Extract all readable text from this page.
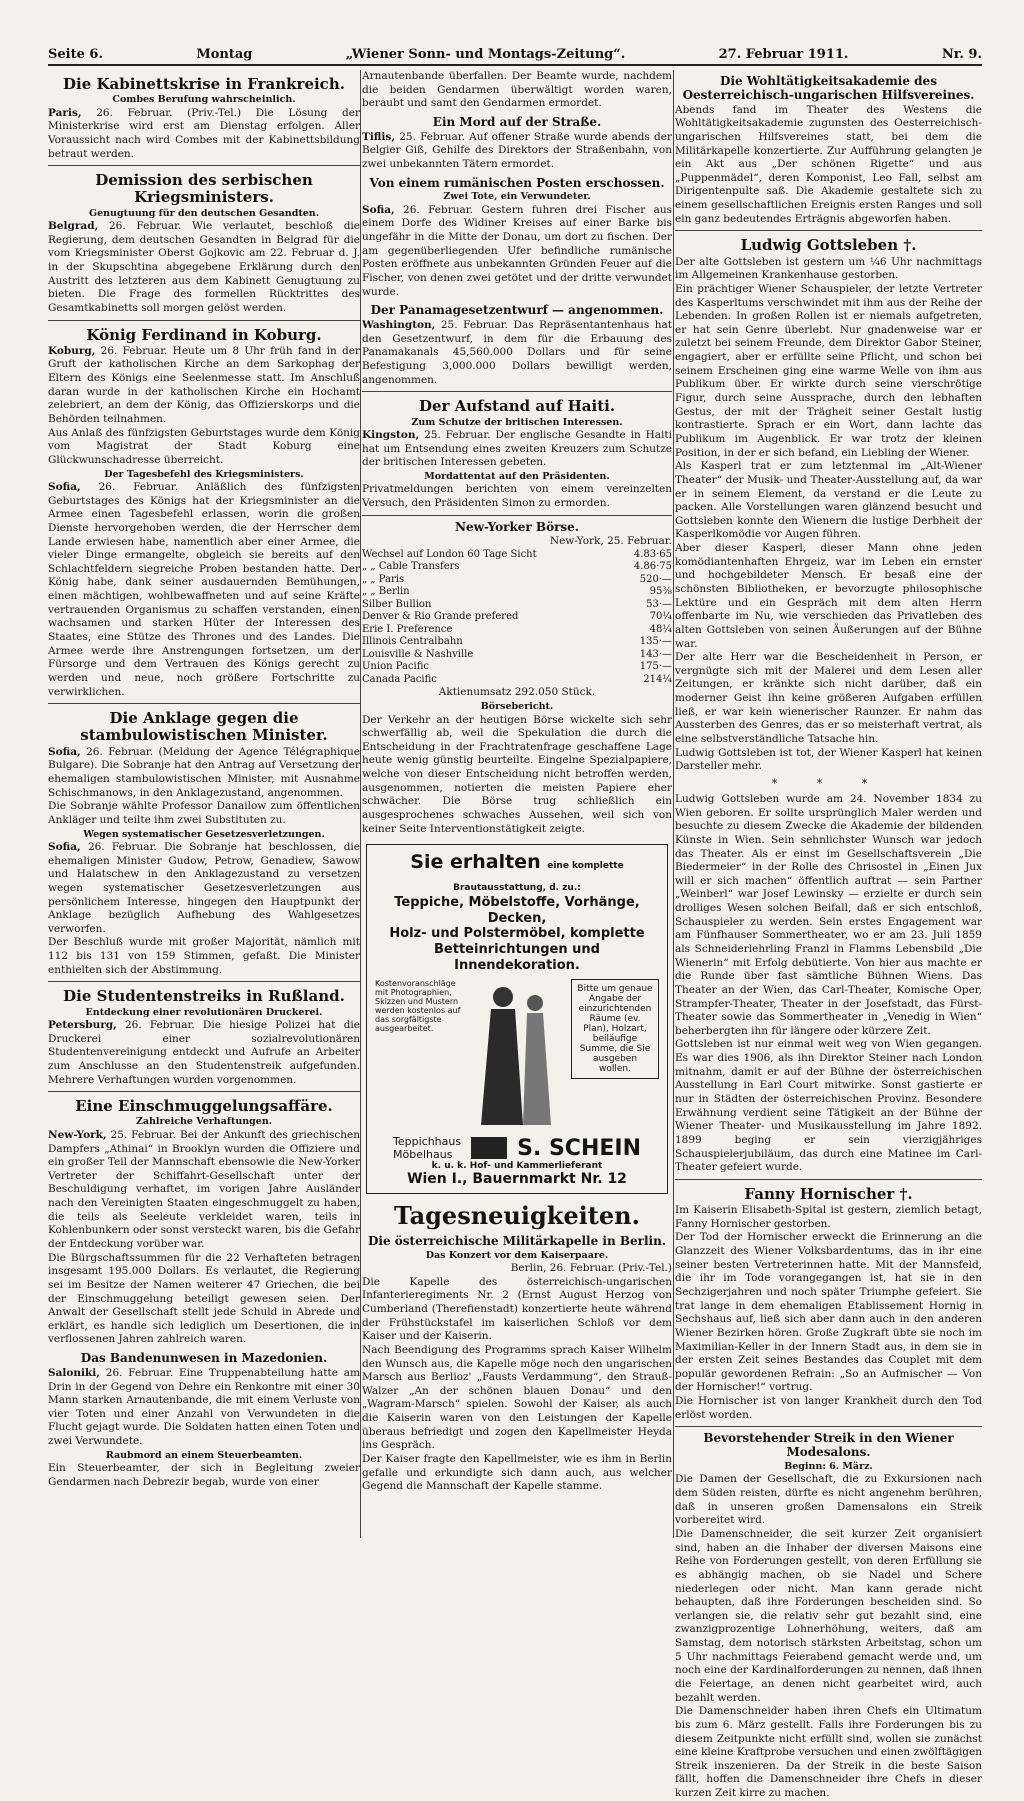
Seite 6.	Montag	„Wiener Sonn- und Montags-Zeitung“.	27. Februar 1911.	Nr. 9.
Die Kabinettskrise in Frankreich.
Combes Berufung wahrscheinlich.

Paris, 26. Februar. (Priv.-Tel.) Die Lösung der Ministerkrise wird erst am Dienstag erfolgen. Aller Voraussicht nach wird Combes mit der Kabinettsbildung betraut werden.

Demission des serbischen Kriegsministers.
Genugtuung für den deutschen Gesandten.

Belgrad, 26. Februar. Wie verlautet, beschloß die Regierung, dem deutschen Gesandten in Belgrad für die vom Kriegsminister Oberst Gojkovic am 22. Februar d. J. in der Skupschtina abgegebene Erklärung durch den Austritt des letzteren aus dem Kabinett Genugtuung zu bieten. Die Frage des formellen Rücktrittes des Gesamtkabinetts soll morgen gelöst werden.

König Ferdinand in Koburg.

Koburg, 26. Februar. Heute um 8 Uhr früh fand in der Gruft der katholischen Kirche an dem Sarkophag der Eltern des Königs eine Seelenmesse statt. Im Anschluß daran wurde in der katholischen Kirche ein Hochamt zelebriert, an dem der König, das Offizierskorps und die Behörden teilnahmen.

Aus Anlaß des fünfzigsten Geburtstages wurde dem König vom Magistrat der Stadt Koburg eine Glückwunschadresse überreicht.

Der Tagesbefehl des Kriegsministers.

Sofia, 26. Februar. Anläßlich des fünfzigsten Geburtstages des Königs hat der Kriegsminister an die Armee einen Tagesbefehl erlassen, worin die großen Dienste hervorgehoben werden, die der Herrscher dem Lande erwiesen habe, namentlich aber einer Armee, die vieler Dinge ermangelte, obgleich sie bereits auf den Schlachtfeldern siegreiche Proben bestanden hatte. Der König habe, dank seiner ausdauernden Bemühungen, einen mächtigen, wohlbewaffneten und auf seine Kräfte vertrauenden Organismus zu schaffen verstanden, einen wachsamen und starken Hüter der Interessen des Staates, eine Stütze des Thrones und des Landes. Die Armee werde ihre Anstrengungen fortsetzen, um der Fürsorge und dem Vertrauen des Königs gerecht zu werden und neue, noch größere Fortschritte zu verwirklichen.

Die Anklage gegen die stambulowistischen Minister.

Sofia, 26. Februar. (Meldung der Agence Télégraphique Bulgare). Die Sobranje hat den Antrag auf Versetzung der ehemaligen stambulowistischen Minister, mit Ausnahme Schischmanows, in den Anklagezustand, angenommen.

Die Sobranje wählte Professor Danailow zum öffentlichen Ankläger und teilte ihm zwei Substituten zu.

Wegen systematischer Gesetzesverletzungen.

Sofia, 26. Februar. Die Sobranje hat beschlossen, die ehemaligen Minister Gudow, Petrow, Genadiew, Sawow und Halatschew in den Anklagezustand zu versetzen wegen systematischer Gesetzesverletzungen aus persönlichem Interesse, hingegen den Hauptpunkt der Anklage bezüglich Aufhebung des Wahlgesetzes verworfen.

Der Beschluß wurde mit großer Majorität, nämlich mit 112 bis 131 von 159 Stimmen, gefaßt. Die Minister enthielten sich der Abstimmung.

Die Studentenstreiks in Rußland.
Entdeckung einer revolutionären Druckerei.

Petersburg, 26. Februar. Die hiesige Polizei hat die Druckerei einer sozialrevolutionären Studentenvereinigung entdeckt und Aufrufe an Arbeiter zum Anschlusse an den Studentenstreik aufgefunden. Mehrere Verhaftungen wurden vorgenommen.

Eine Einschmuggelungsaffäre.
Zahlreiche Verhaftungen.

New-York, 25. Februar. Bei der Ankunft des griechischen Dampfers „Athinai“ in Brooklyn wurden die Offiziere und ein großer Teil der Mannschaft ebensowie die New-Yorker Vertreter der Schiffahrt-Gesellschaft unter der Beschuldigung verhaftet, im vorigen Jahre Ausländer nach den Vereinigten Staaten eingeschmuggelt zu haben, die teils als Seeleute verkleidet waren, teils in Kohlenbunkern oder sonst versteckt waren, bis die Gefahr der Entdeckung vorüber war.

Die Bürgschaftssummen für die 22 Verhafteten betragen insgesamt 195.000 Dollars. Es verlautet, die Regierung sei im Besitze der Namen weiterer 47 Griechen, die bei der Einschmuggelung beteiligt gewesen seien. Der Anwalt der Gesellschaft stellt jede Schuld in Abrede und erklärt, es handle sich lediglich um Desertionen, die in verflossenen Jahren zahlreich waren.

Das Bandenunwesen in Mazedonien.

Saloniki, 26. Februar. Eine Truppenabteilung hatte am Drin in der Gegend von Dehre ein Renkontre mit einer 30 Mann starken Arnautenbande, die mit einem Verluste von vier Toten und einer Anzahl von Verwundeten in die Flucht gejagt wurde. Die Soldaten hatten einen Toten und zwei Verwundete.

Raubmord an einem Steuerbeamten.

Ein Steuerbeamter, der sich in Begleitung zweier Gendarmen nach Debrezir begab, wurde von einer

Arnautenbande überfallen. Der Beamte wurde, nachdem die beiden Gendarmen überwältigt worden waren, beraubt und samt den Gendarmen ermordet.

Ein Mord auf der Straße.

Tiflis, 25. Februar. Auf offener Straße wurde abends der Belgier Giß, Gehilfe des Direktors der Straßenbahn, von zwei unbekannten Tätern ermordet.

Von einem rumänischen Posten erschossen.
Zwei Tote, ein Verwundeter.

Sofia, 26. Februar. Gestern fuhren drei Fischer aus einem Dorfe des Widiner Kreises auf einer Barke bis ungefähr in die Mitte der Donau, um dort zu fischen. Der am gegenüberliegenden Ufer befindliche rumänische Posten eröffnete aus unbekannten Gründen Feuer auf die Fischer, von denen zwei getötet und der dritte verwundet wurde.

Der Panamagesetzentwurf — angenommen.

Washington, 25. Februar. Das Repräsentantenhaus hat den Gesetzentwurf, in dem für die Erbauung des Panamakanals 45,560.000 Dollars und für seine Befestigung 3,000.000 Dollars bewilligt werden, angenommen.

Der Aufstand auf Haiti.
Zum Schutze der britischen Interessen.

Kingston, 25. Februar. Der englische Gesandte in Haiti hat um Entsendung eines zweiten Kreuzers zum Schutze der britischen Interessen gebeten.

Mordattentat auf den Präsidenten.

Privatmeldungen berichten von einem vereinzelten Versuch, den Präsidenten Simon zu ermorden.

New-Yorker Börse.
New-York, 25. Februar.
Wechsel auf London 60 Tage Sicht	4.83·65
„ „ Cable Transfers	4.86·75
„ „ Paris	520·—
„ „ Berlin	95⅜
Silber Bullion	53·—
Denver & Rio Grande prefered	70¼
Erie I. Preference	48¼
Illinois Centralbahn	135·—
Louisville & Nashville	143·—
Union Pacific	175·—
Canada Pacific	214¼
Aktienumsatz 292.050 Stück.
Börsebericht.

Der Verkehr an der heutigen Börse wickelte sich sehr schwerfällig ab, weil die Spekulation die durch die Entscheidung in der Frachtratenfrage geschaffene Lage heute wenig günstig beurteilte. Eingelne Spezialpapiere, welche von dieser Entscheidung nicht betroffen werden, ausgenommen, notierten die meisten Papiere eher schwächer. Die Börse trug schließlich ein ausgesprochenes schwaches Aussehen, weil sich von keiner Seite Interventionstätigkeit zeigte.

Sie erhalten eine komplette Brautausstattung, d. zu.:
Teppiche, Möbelstoffe, Vorhänge, Decken,
Holz- und Polstermöbel, komplette Betteinrichtungen und Innendekoration.
Kostenvoranschläge mit Photographien, Skizzen und Mustern werden kostenlos auf das sorgfältigste ausgearbeitet.
Bitte um genaue Angabe der einzurichtenden Räume (ev. Plan), Holzart, beiläufige Summe, die Sie ausgeben wollen.
Teppichhaus
Möbelhaus	S. SCHEIN
k. u. k. Hof- und Kammerlieferant
Wien I., Bauernmarkt Nr. 12
Tagesneuigkeiten.
Die österreichische Militärkapelle in Berlin.
Das Konzert vor dem Kaiserpaare.
Berlin, 26. Februar. (Priv.-Tel.)

Die Kapelle des österreichisch-ungarischen Infanterieregiments Nr. 2 (Ernst August Herzog von Cumberland (Therefienstadt) konzertierte heute während der Frühstückstafel im kaiserlichen Schloß vor dem Kaiser und der Kaiserin.

Nach Beendigung des Programms sprach Kaiser Wilhelm den Wunsch aus, die Kapelle möge noch den ungarischen Marsch aus Berlioz' „Fausts Verdammung“, den Strauß-Walzer „An der schönen blauen Donau“ und den „Wagram-Marsch“ spielen. Sowohl der Kaiser, als auch die Kaiserin waren von den Leistungen der Kapelle überaus befriedigt und zogen den Kapellmeister Heyda ins Gespräch.

Der Kaiser fragte den Kapellmeister, wie es ihm in Berlin gefalle und erkundigte sich dann auch, aus welcher Gegend die Mannschaft der Kapelle stamme.

Die Wohltätigkeitsakademie des Oesterreichisch-ungarischen Hilfsvereines.

Abends fand im Theater des Westens die Wohltätigkeitsakademie zugunsten des Oesterreichisch-ungarischen Hilfsvereines statt, bei dem die Militärkapelle konzertierte. Zur Aufführung gelangten je ein Akt aus „Der schönen Rigette“ und aus „Puppenmädel“, deren Komponist, Leo Fall, selbst am Dirigentenpulte saß. Die Akademie gestaltete sich zu einem gesellschaftlichen Ereignis ersten Ranges und soll ein ganz bedeutendes Erträgnis abgeworfen haben.

Ludwig Gottsleben †.

Der alte Gottsleben ist gestern um ¼6 Uhr nachmittags im Allgemeinen Krankenhause gestorben.

Ein prächtiger Wiener Schauspieler, der letzte Vertreter des Kasperltums verschwindet mit ihm aus der Reihe der Lebenden. In großen Rollen ist er niemals aufgetreten, er hat sein Genre überlebt. Nur gnadenweise war er zuletzt bei seinem Freunde, dem Direktor Gabor Steiner, engagiert, aber er erfüllte seine Pflicht, und schon bei seinem Erscheinen ging eine warme Welle von ihm aus Publikum über. Er wirkte durch seine vierschrötige Figur, durch seine Aussprache, durch den lebhaften Gestus, der mit der Trägheit seiner Gestalt lustig kontrastierte. Sprach er ein Wort, dann lachte das Publikum im Augenblick. Er war trotz der kleinen Position, in der er sich befand, ein Liebling der Wiener.

Als Kasperl trat er zum letztenmal im „Alt-Wiener Theater“ der Musik- und Theater-Ausstellung auf, da war er in seinem Element, da verstand er die Leute zu packen. Alle Vorstellungen waren glänzend besucht und Gottsleben konnte den Wienern die lustige Derbheit der Kasperlkomödie vor Augen führen.

Aber dieser Kasperl, dieser Mann ohne jeden komödiantenhaften Ehrgeiz, war im Leben ein ernster und hochgebildeter Mensch. Er besaß eine der schönsten Bibliotheken, er bevorzugte philosophische Lektüre und ein Gespräch mit dem alten Herrn offenbarte im Nu, wie verschieden das Privatleben des alten Gottsleben von seinen Äußerungen auf der Bühne war.

Der alte Herr war die Bescheidenheit in Person, er vergnügte sich mit der Malerei und dem Lesen aller Zeitungen, er kränkte sich nicht darüber, daß ein moderner Geist ihn keine größeren Aufgaben erfüllen ließ, er war kein wienerischer Raunzer. Er nahm das Aussterben des Genres, das er so meisterhaft vertrat, als eine selbstverständliche Tatsache hin.

Ludwig Gottsleben ist tot, der Wiener Kasperl hat keinen Darsteller mehr.

* * *

Ludwig Gottsleben wurde am 24. November 1834 zu Wien geboren. Er sollte ursprünglich Maler werden und besuchte zu diesem Zwecke die Akademie der bildenden Künste in Wien. Sein sehnlichster Wunsch war jedoch das Theater. Als er einst im Gesellschaftsverein „Die Biedermeier“ in der Rolle des Chrisostel in „Einen Jux will er sich machen“ öffentlich auftrat — sein Partner „Weinberl“ war Josef Lewinsky — erzielte er durch sein drolliges Wesen solchen Beifall, daß er sich entschloß, Schauspieler zu werden. Sein erstes Engagement war am Fünfhauser Sommertheater, wo er am 23. Juli 1859 als Schneiderlehrling Franzl in Flamms Lebensbild „Die Wienerin“ mit Erfolg debütierte. Von hier aus machte er die Runde über fast sämtliche Bühnen Wiens. Das Theater an der Wien, das Carl-Theater, Komische Oper, Strampfer-Theater, Theater in der Josefstadt, das Fürst-Theater sowie das Sommertheater in „Venedig in Wien“ beherbergten ihn für längere oder kürzere Zeit.

Gottsleben ist nur einmal weit weg von Wien gegangen. Es war dies 1906, als ihn Direktor Steiner nach London mitnahm, damit er auf der Bühne der österreichischen Ausstellung in Earl Court mitwirke. Sonst gastierte er nur in Städten der österreichischen Provinz. Besondere Erwähnung verdient seine Tätigkeit an der Bühne der Wiener Theater- und Musikausstellung im Jahre 1892. 1899 beging er sein vierzigjähriges Schauspielerjubiläum, das durch eine Matinee im Carl-Theater gefeiert wurde.

Fanny Hornischer †.

Im Kaiserin Elisabeth-Spital ist gestern, ziemlich betagt, Fanny Hornischer gestorben.

Der Tod der Hornischer erweckt die Erinnerung an die Glanzzeit des Wiener Volksbardentums, das in ihr eine seiner besten Vertreterinnen hatte. Mit der Mannsfeld, die ihr im Tode vorangegangen ist, hat sie in den Sechzigerjahren und noch später Triumphe gefeiert. Sie trat lange in dem ehemaligen Etablissement Hornig in Sechshaus auf, ließ sich aber dann auch in den anderen Wiener Bezirken hören. Große Zugkraft übte sie noch im Maximilian-Keller in der Innern Stadt aus, in dem sie in der ersten Zeit seines Bestandes das Couplet mit dem populär gewordenen Refrain: „So an Aufmischer — Von der Hornischer!“ vortrug.

Die Hornischer ist von langer Krankheit durch den Tod erlöst worden.

Bevorstehender Streik in den Wiener Modesalons.
Beginn: 6. März.

Die Damen der Gesellschaft, die zu Exkursionen nach dem Süden reisten, dürfte es nicht angenehm berühren, daß in unseren großen Damensalons ein Streik vorbereitet wird.

Die Damenschneider, die seit kurzer Zeit organisiert sind, haben an die Inhaber der diversen Maisons eine Reihe von Forderungen gestellt, von deren Erfüllung sie es abhängig machen, ob sie Nadel und Schere niederlegen oder nicht. Man kann gerade nicht behaupten, daß ihre Forderungen bescheiden sind. So verlangen sie, die relativ sehr gut bezahlt sind, eine zwanzigprozentige Lohnerhöhung, weiters, daß am Samstag, dem notorisch stärksten Arbeitstag, schon um 5 Uhr nachmittags Feierabend gemacht werde und, um noch eine der Kardinalforderungen zu nennen, daß ihnen die Feiertage, an denen nicht gearbeitet wird, auch bezahlt werden.

Die Damenschneider haben ihren Chefs ein Ultimatum bis zum 6. März gestellt. Falls ihre Forderungen bis zu diesem Zeitpunkte nicht erfüllt sind, wollen sie zunächst eine kleine Kraftprobe versuchen und einen zwölftägigen Streik inszenieren. Da der Streik in die beste Saison fällt, hoffen die Damenschneider ihre Chefs in dieser kurzen Zeit kirre zu machen.
